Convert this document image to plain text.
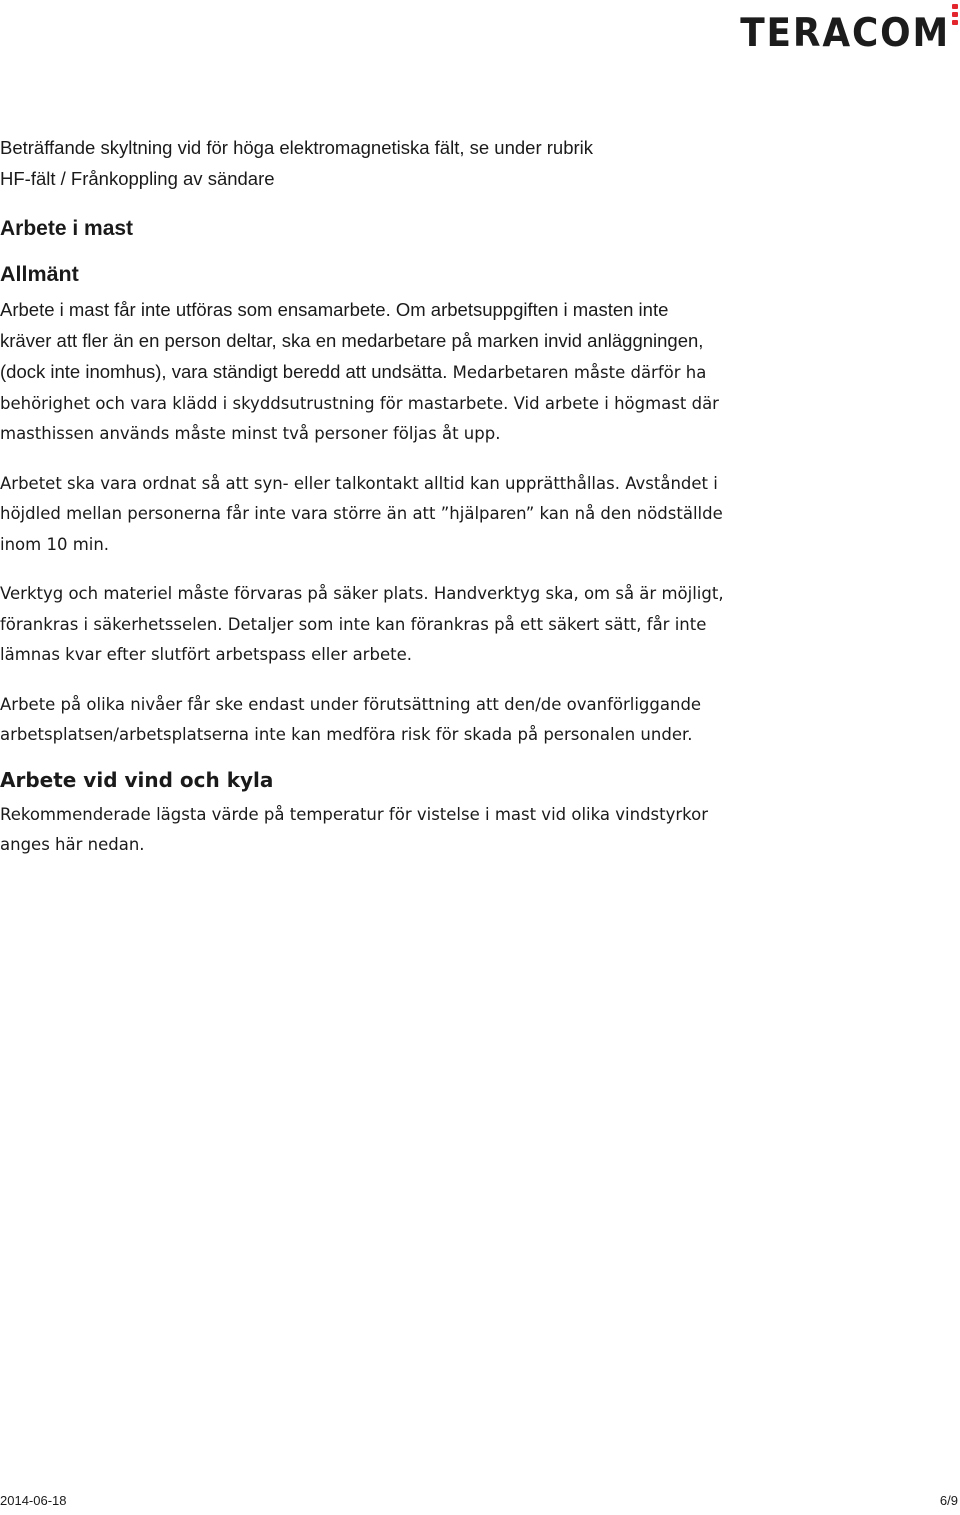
TERACOM

Beträffande skyltning vid för höga elektromagnetiska fält, se under rubrik
HF-fält / Frånkoppling av sändare

Arbete i mast
Allmänt

Arbete i mast får inte utföras som ensamarbete. Om arbetsuppgiften i masten inte
kräver att fler än en person deltar, ska en medarbetare på marken invid anläggningen,
(dock inte inomhus), vara ständigt beredd att undsätta. Medarbetaren måste därför ha

behörighet och vara klädd i skyddsutrustning för mastarbete. Vid arbete i högmast där
masthissen används måste minst två personer följas åt upp.

Arbetet ska vara ordnat så att syn- eller talkontakt alltid kan upprätthållas. Avståndet i
höjdled mellan personerna får inte vara större än att ”hjälparen” kan nå den nödställde
inom 10 min.

Verktyg och materiel måste förvaras på säker plats. Handverktyg ska, om så är möjligt,
förankras i säkerhetsselen. Detaljer som inte kan förankras på ett säkert sätt, får inte
lämnas kvar efter slutfört arbetspass eller arbete.

Arbete på olika nivåer får ske endast under förutsättning att den/de ovanförliggande
arbetsplatsen/arbetsplatserna inte kan medföra risk för skada på personalen under.

Arbete vid vind och kyla

Rekommenderade lägsta värde på temperatur för vistelse i mast vid olika vindstyrkor
anges här nedan.

2014-06-18	6/9
